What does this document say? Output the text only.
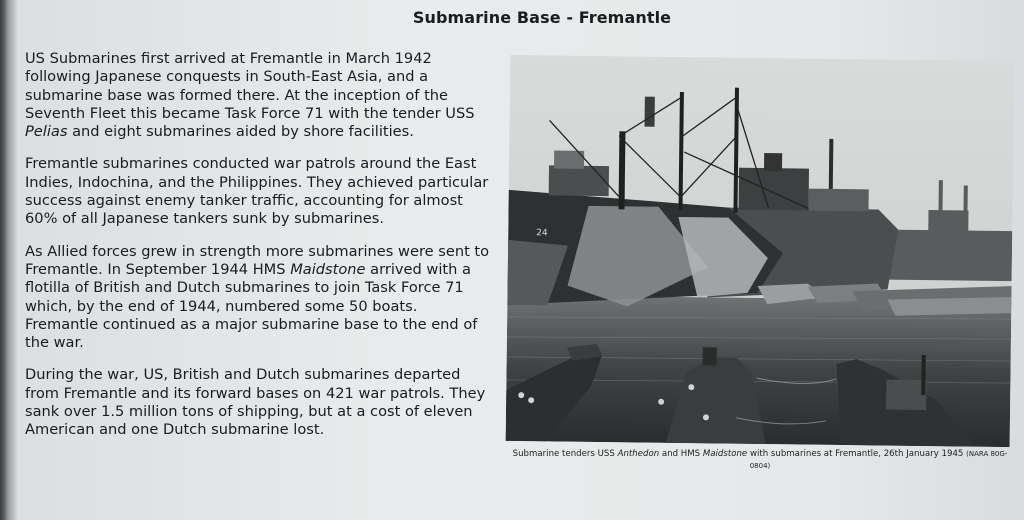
Submarine Base - Fremantle

US Submarines first arrived at Fremantle in March 1942 following Japanese conquests in South-East Asia, and a submarine base was formed there. At the inception of the Seventh Fleet this became Task Force 71 with the tender USS Pelias and eight submarines aided by shore facilities.

Fremantle submarines conducted war patrols around the East Indies, Indochina, and the Philippines. They achieved particular success against enemy tanker traffic, accounting for almost 60% of all Japanese tankers sunk by submarines.

As Allied forces grew in strength more submarines were sent to Fremantle. In September 1944 HMS Maidstone arrived with a flotilla of British and Dutch submarines to join Task Force 71 which, by the end of 1944, numbered some 50 boats. Fremantle continued as a major submarine base to the end of the war.

During the war, US, British and Dutch submarines departed from Fremantle and its forward bases on 421 war patrols. They sank over 1.5 million tons of shipping, but at a cost of eleven American and one Dutch submarine lost.

24
Submarine tenders USS Anthedon and HMS Maidstone with submarines at Fremantle, 26th January 1945 (NARA 80G-0804)
